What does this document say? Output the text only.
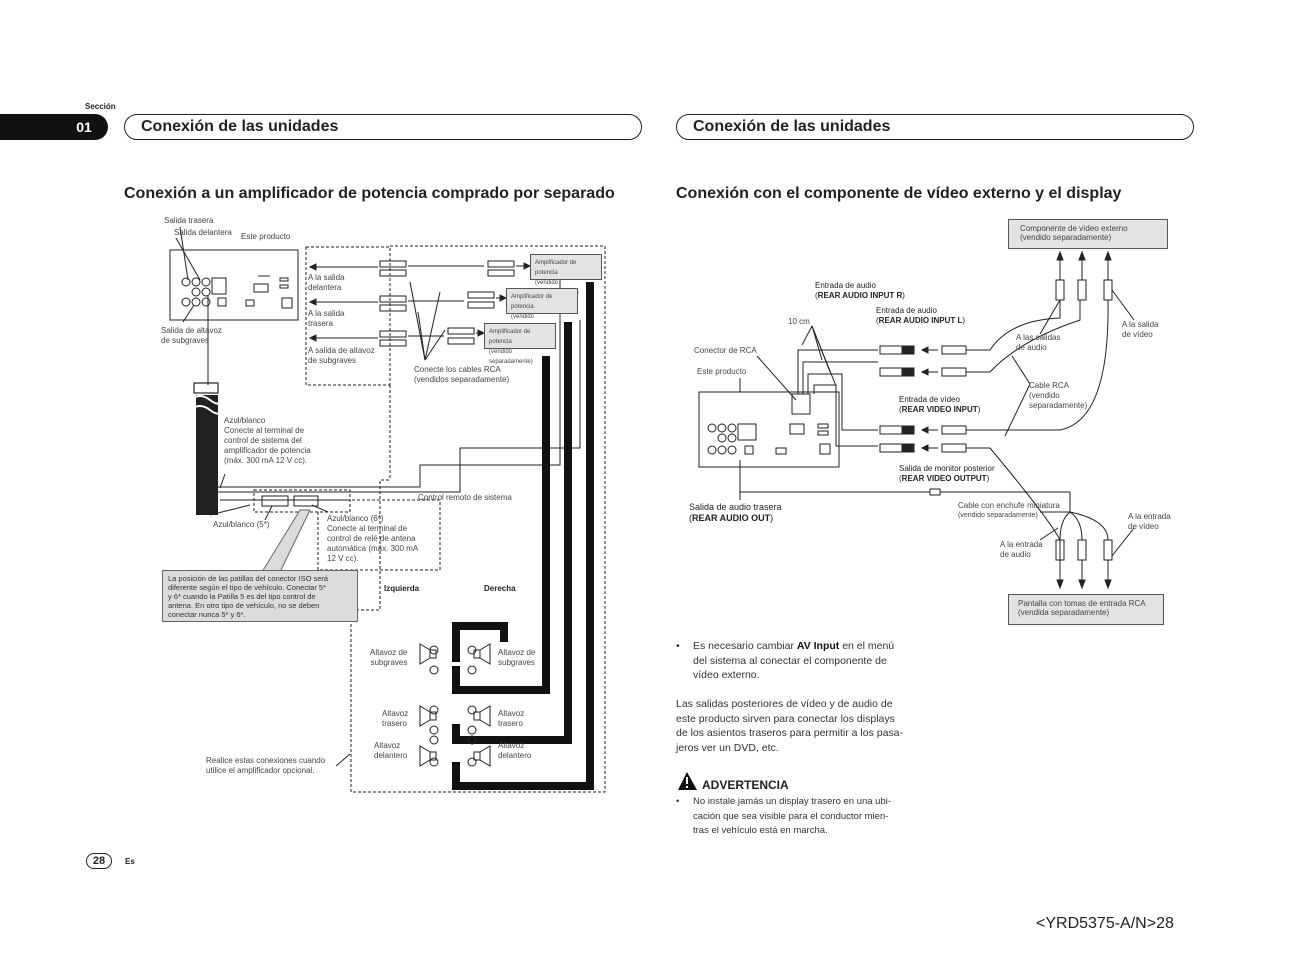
Sección
01	Conexión de las unidades	Conexión de las unidades
Conexión a un amplificador de potencia comprado por separado	Conexión con el componente de vídeo externo y el display
Salida trasera
Salida delantera Este producto
Salida de altavoz
de subgraves
A la salida
delantera
A la salida
trasera
A salida de altavoz
de subgraves
Conecte los cables RCA
(vendidos separadamente)
Amplificador de potencia
(vendido
Amplificador de potencia
(vendido
Amplificador de potencia
(vendido separadamente)
Azul/blanco
Conecte al terminal de
control de sistema del
amplificador de potencia
(máx. 300 mA 12 V cc).
Azul/blanco (5*)
Azul/blanco (6*)
Conecte al terminal de
control de relé de antena
automática (máx. 300 mA
12 V cc).
Control remoto de sistema
La posición de las patillas del conector ISO será
diferente según el tipo de vehículo. Conectar 5*
y 6* cuando la Patilla 5 es del tipo control de
antena. En otro tipo de vehículo, no se deben
conectar nunca 5* y 6*.
Izquierda	Derecha
Altavoz de
subgraves
Altavoz de
subgraves
Altavoz
trasero
Altavoz
trasero
Altavoz
delantero
Altavoz
delantero
Realice estas conexiones cuando
utilice el amplificador opcional.
Componente de vídeo externo
(vendido separadamente)
Entrada de audio
(REAR AUDIO INPUT R)
Entrada de audio
(REAR AUDIO INPUT L)
10 cm
Conector de RCA
Este producto
A las salidas
de audio
A la salida
de vídeo
Cable RCA
(vendido
separadamente)
Entrada de vídeo
(REAR VIDEO INPUT)
Salida de monitor posterior
(REAR VIDEO OUTPUT)
Salida de audio trasera
(REAR AUDIO OUT)
Cable con enchufe miniatura
(vendido separadamente)
A la entrada
de audio
A la entrada
de vídeo
Pantalla con tomas de entrada RCA
(vendida separadamente)
• Es necesario cambiar AV Input en el menú
del sistema al conectar el componente de
vídeo externo.
Las salidas posteriores de vídeo y de audio de
este producto sirven para conectar los displays
de los asientos traseros para permitir a los pasa-
jeros ver un DVD, etc.
ADVERTENCIA
• No instale jamás un display trasero en una ubi-
cación que sea visible para el conductor mien-
tras el vehículo está en marcha.
28	Es
<YRD5375-A/N>28
